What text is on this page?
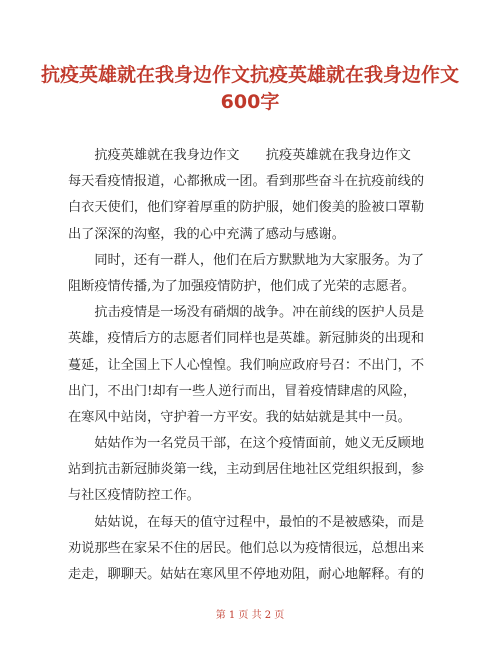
抗疫英雄就在我身边作文抗疫英雄就在我身边作文600字
　　抗疫英雄就在我身边作文　　抗疫英雄就在我身边作文
每天看疫情报道，心都揪成一团。看到那些奋斗在抗疫前线的
白衣天使们，他们穿着厚重的防护服，她们俊美的脸被口罩勒
出了深深的沟壑，我的心中充满了感动与感谢。
　　同时，还有一群人，他们在后方默默地为大家服务。为了
阻断疫情传播,为了加强疫情防护，他们成了光荣的志愿者。
　　抗击疫情是一场没有硝烟的战争。冲在前线的医护人员是
英雄，疫情后方的志愿者们同样也是英雄。新冠肺炎的出现和
蔓延，让全国上下人心惶惶。我们响应政府号召：不出门，不
出门，不出门!却有一些人逆行而出，冒着疫情肆虐的风险，
在寒风中站岗，守护着一方平安。我的姑姑就是其中一员。
　　姑姑作为一名党员干部，在这个疫情面前，她义无反顾地
站到抗击新冠肺炎第一线，主动到居住地社区党组织报到，参
与社区疫情防控工作。
　　姑姑说，在每天的值守过程中，最怕的不是被感染，而是
劝说那些在家呆不住的居民。他们总以为疫情很远，总想出来
走走，聊聊天。姑姑在寒风里不停地劝阻，耐心地解释。有的
第 1 页 共 2 页
